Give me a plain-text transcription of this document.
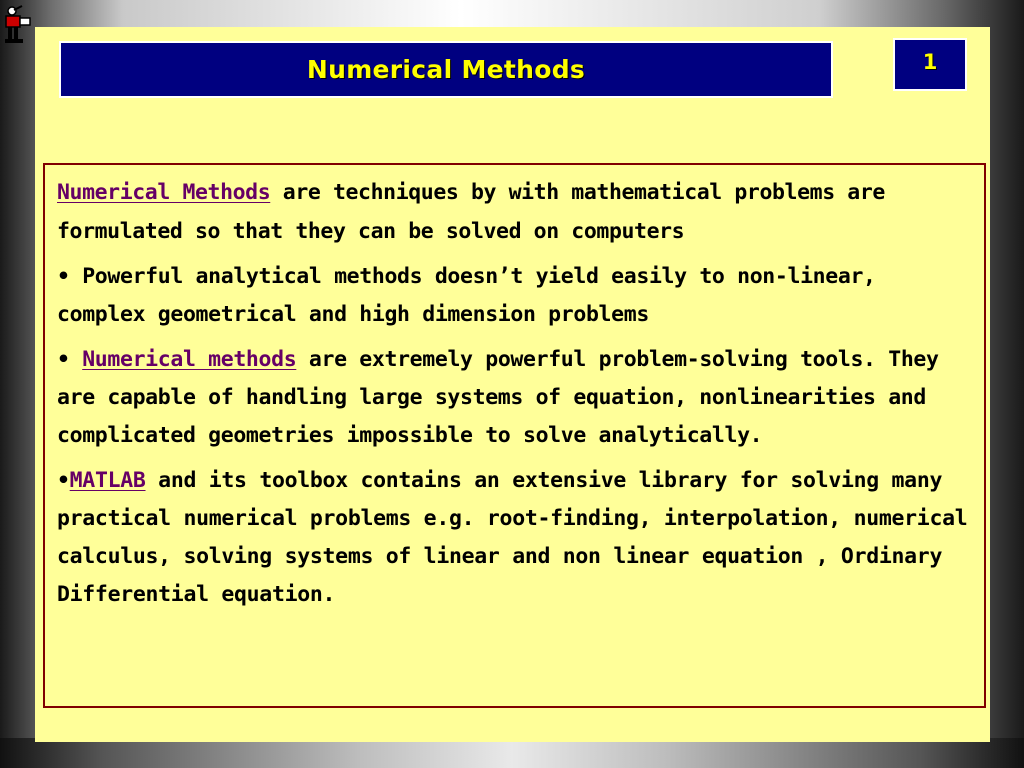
Numerical Methods	1

Numerical Methods are techniques by with mathematical problems are formulated so that they can be solved on computers

• Powerful analytical methods doesn’t yield easily to non-linear, complex geometrical and high dimension problems

• Numerical methods are extremely powerful problem-solving tools. They are capable of handling large systems of equation, nonlinearities and complicated geometries impossible to solve analytically.

•MATLAB and its toolbox contains an extensive library for solving many practical numerical problems e.g. root-finding, interpolation, numerical calculus, solving systems of linear and non linear equation , Ordinary Differential equation.
